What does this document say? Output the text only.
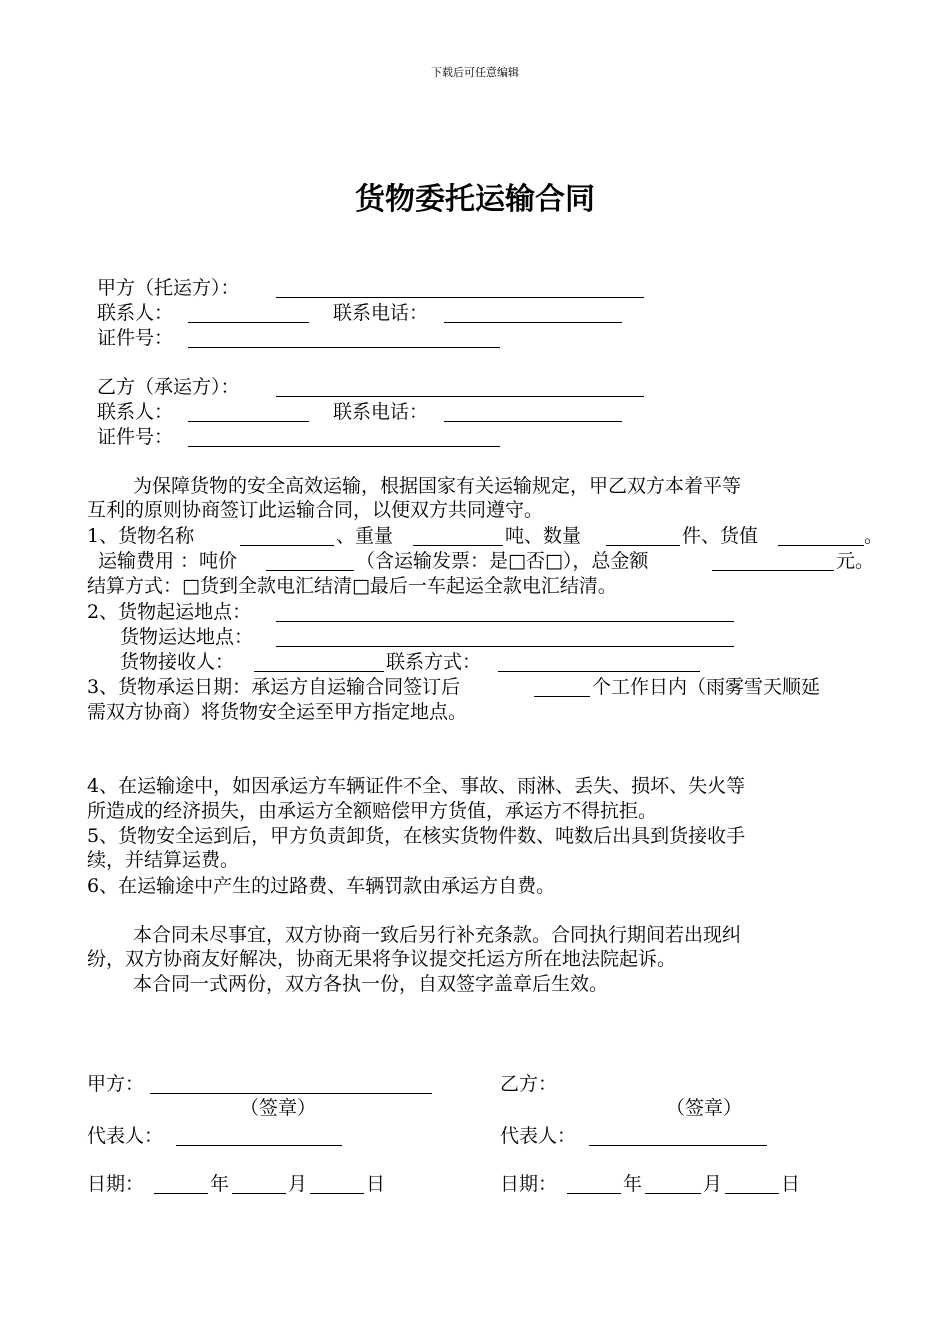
下载后可任意编辑
货物委托运输合同
甲方（托运方）：
联系人：	联系电话：
证件号：
乙方（承运方）：
联系人：	联系电话：
证件号：
为保障货物的安全高效运输，根据国家有关运输规定，甲乙双方本着平等
互利的原则协商签订此运输合同，以便双方共同遵守。
1、货物名称	、重量	吨、数量	件、货值	。
运输费用 ：吨价	（含运输发票：是□否□），总金额	元。
结算方式：□货到全款电汇结清□最后一车起运全款电汇结清。
2、货物起运地点：
货物运达地点：
货物接收人：	联系方式：
3、货物承运日期：承运方自运输合同签订后	个工作日内（雨雾雪天顺延
需双方协商）将货物安全运至甲方指定地点。
4、在运输途中，如因承运方车辆证件不全、事故、雨淋、丢失、损坏、失火等
所造成的经济损失，由承运方全额赔偿甲方货值，承运方不得抗拒。
5、货物安全运到后，甲方负责卸货，在核实货物件数、吨数后出具到货接收手
续，并结算运费。
6、在运输途中产生的过路费、车辆罚款由承运方自费。
本合同未尽事宜，双方协商一致后另行补充条款。合同执行期间若出现纠
纷，双方协商友好解决，协商无果将争议提交托运方所在地法院起诉。
本合同一式两份，双方各执一份，自双签字盖章后生效。
甲方：
（签章）
代表人：
日期：	年	月	日
乙方：
（签章）
代表人：
日期：	年	月	日
